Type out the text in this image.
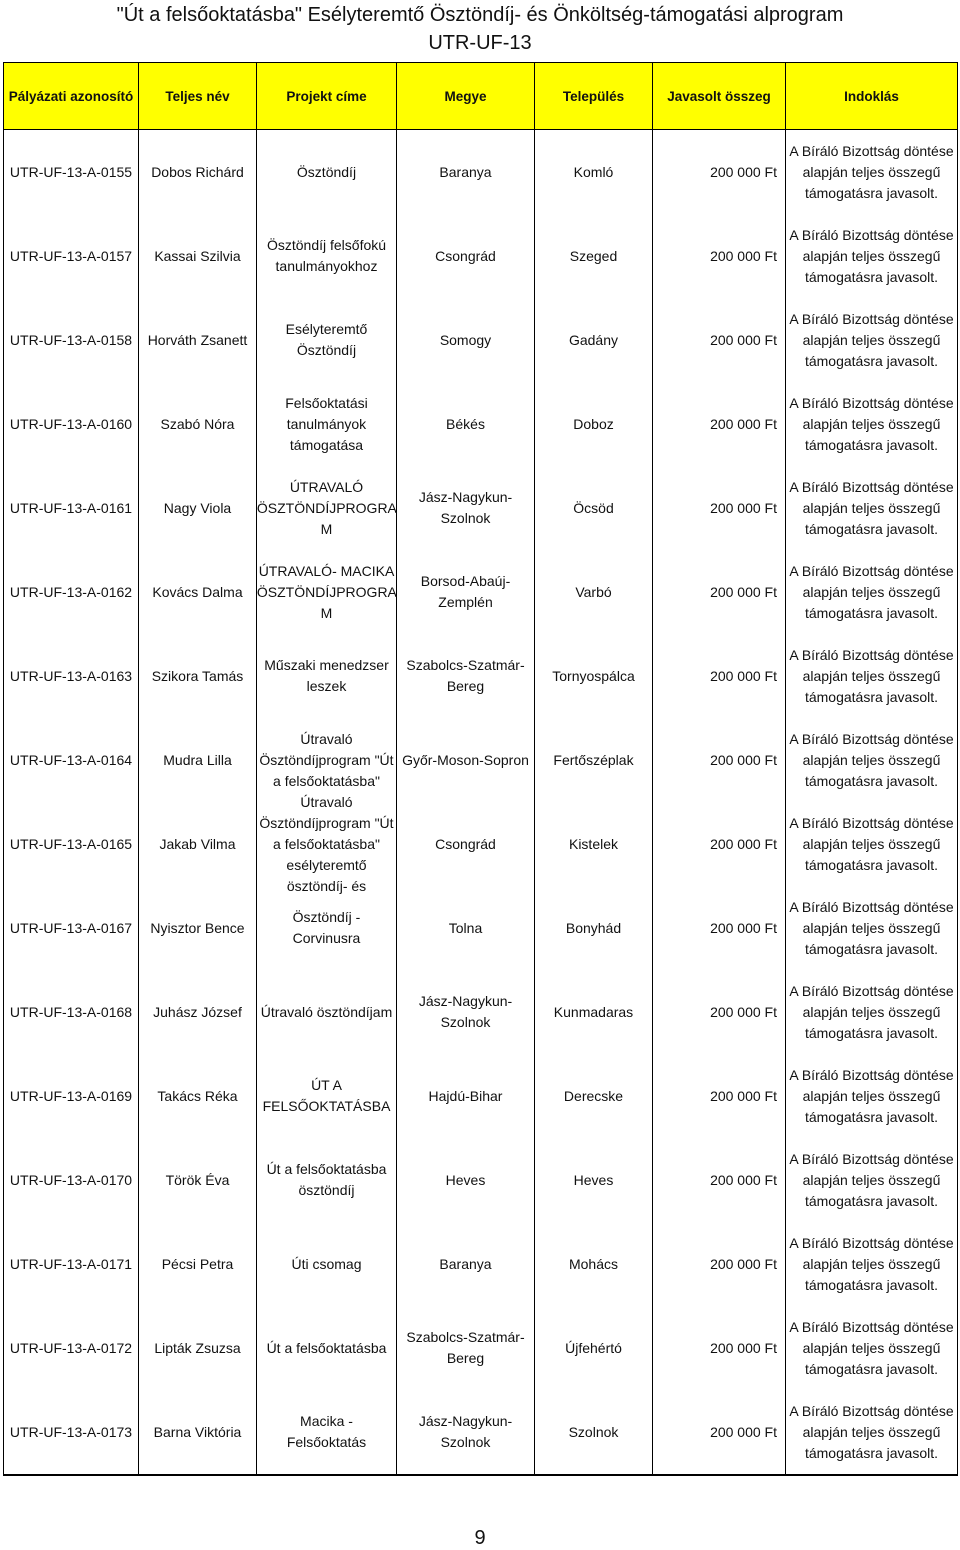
"Út a felsőoktatásba" Esélyteremtő Ösztöndíj- és Önköltség-támogatási alprogram
UTR-UF-13
Pályázati azonosító	Teljes név	Projekt címe	Megye	Település	Javasolt összeg	Indoklás

UTR-UF-13-A-0155	Dobos Richárd	Ösztöndíj	Baranya	Komló	200 000 Ft	A Bíráló Bizottság döntése alapján teljes összegű támogatásra javasolt.

UTR-UF-13-A-0157	Kassai Szilvia	Ösztöndíj felsőfokú tanulmányokhoz	Csongrád	Szeged	200 000 Ft	A Bíráló Bizottság döntése alapján teljes összegű támogatásra javasolt.

UTR-UF-13-A-0158	Horváth Zsanett	Esélyteremtő Ösztöndíj	Somogy	Gadány	200 000 Ft	A Bíráló Bizottság döntése alapján teljes összegű támogatásra javasolt.

UTR-UF-13-A-0160	Szabó Nóra	Felsőoktatási tanulmányok támogatása	Békés	Doboz	200 000 Ft	A Bíráló Bizottság döntése alapján teljes összegű támogatásra javasolt.

UTR-UF-13-A-0161	Nagy Viola	ÚTRAVALÓ ÖSZTÖNDÍJPROGRA M	Jász-Nagykun-Szolnok	Öcsöd	200 000 Ft	A Bíráló Bizottság döntése alapján teljes összegű támogatásra javasolt.

UTR-UF-13-A-0162	Kovács Dalma	ÚTRAVALÓ- MACIKA ÖSZTÖNDÍJPROGRA M	Borsod-Abaúj-Zemplén	Varbó	200 000 Ft	A Bíráló Bizottság döntése alapján teljes összegű támogatásra javasolt.

UTR-UF-13-A-0163	Szikora Tamás	Műszaki menedzser leszek	Szabolcs-Szatmár-Bereg	Tornyospálca	200 000 Ft	A Bíráló Bizottság döntése alapján teljes összegű támogatásra javasolt.

UTR-UF-13-A-0164	Mudra Lilla	Útravaló Ösztöndíjprogram "Út a felsőoktatásba"	Győr-Moson-Sopron	Fertőszéplak	200 000 Ft	A Bíráló Bizottság döntése alapján teljes összegű támogatásra javasolt.

UTR-UF-13-A-0165	Jakab Vilma	Útravaló Ösztöndíjprogram "Út a felsőoktatásba" esélyteremtő ösztöndíj- és	Csongrád	Kistelek	200 000 Ft	A Bíráló Bizottság döntése alapján teljes összegű támogatásra javasolt.

UTR-UF-13-A-0167	Nyisztor Bence	Ösztöndíj -Corvinusra	Tolna	Bonyhád	200 000 Ft	A Bíráló Bizottság döntése alapján teljes összegű támogatásra javasolt.

UTR-UF-13-A-0168	Juhász József	Útravaló ösztöndíjam	Jász-Nagykun-Szolnok	Kunmadaras	200 000 Ft	A Bíráló Bizottság döntése alapján teljes összegű támogatásra javasolt.

UTR-UF-13-A-0169	Takács Réka	ÚT A FELSŐOKTATÁSBA	Hajdú-Bihar	Derecske	200 000 Ft	A Bíráló Bizottság döntése alapján teljes összegű támogatásra javasolt.

UTR-UF-13-A-0170	Török Éva	Út a felsőoktatásba ösztöndíj	Heves	Heves	200 000 Ft	A Bíráló Bizottság döntése alapján teljes összegű támogatásra javasolt.

UTR-UF-13-A-0171	Pécsi Petra	Úti csomag	Baranya	Mohács	200 000 Ft	A Bíráló Bizottság döntése alapján teljes összegű támogatásra javasolt.

UTR-UF-13-A-0172	Lipták Zsuzsa	Út a felsőoktatásba	Szabolcs-Szatmár-Bereg	Újfehértó	200 000 Ft	A Bíráló Bizottság döntése alapján teljes összegű támogatásra javasolt.

UTR-UF-13-A-0173	Barna Viktória	Macika - Felsőoktatás	Jász-Nagykun-Szolnok	Szolnok	200 000 Ft	A Bíráló Bizottság döntése alapján teljes összegű támogatásra javasolt.
9
